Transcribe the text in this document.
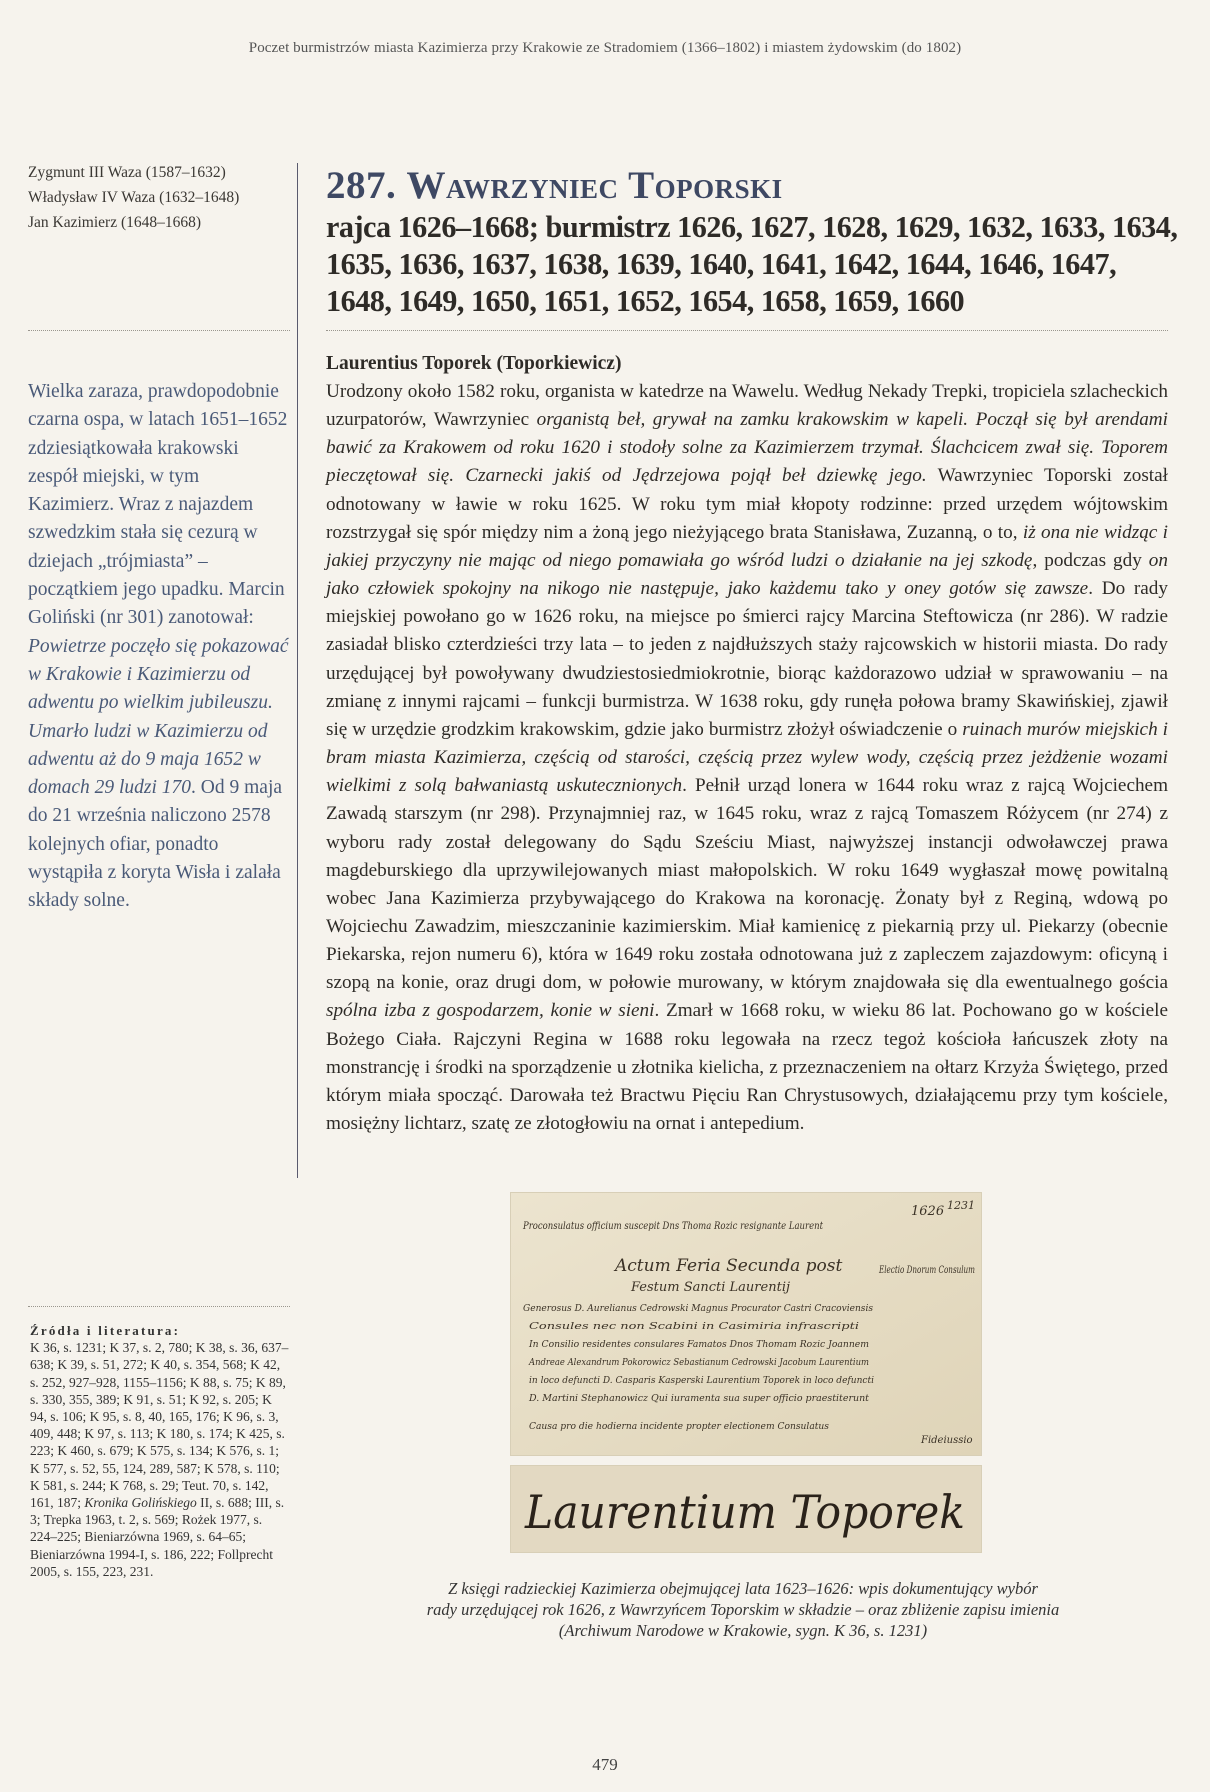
Poczet burmistrzów miasta Kazimierza przy Krakowie ze Stradomiem (1366–1802) i miastem żydowskim (do 1802)
Zygmunt III Waza (1587–1632)
Władysław IV Waza (1632–1648)
Jan Kazimierz (1648–1668)
Wielka zaraza, prawdopodobnie czarna ospa, w latach 1651–1652 zdziesiątkowała krakowski zespół miejski, w tym Kazimierz. Wraz z najazdem szwedzkim stała się cezurą w dziejach „trójmiasta” – początkiem jego upadku. Marcin Goliński (nr 301) zanotował: Powietrze poczęło się pokazować w Krakowie i Kazimierzu od adwentu po wielkim jubileuszu. Umarło ludzi w Kazimierzu od adwentu aż do 9 maja 1652 w domach 29 ludzi 170. Od 9 maja do 21 września naliczono 2578 kolejnych ofiar, ponadto wystąpiła z koryta Wisła i zalała składy solne.
287. Wawrzyniec Toporski
rajca 1626–1668; burmistrz 1626, 1627, 1628, 1629, 1632, 1633, 1634, 1635, 1636, 1637, 1638, 1639, 1640, 1641, 1642, 1644, 1646, 1647, 1648, 1649, 1650, 1651, 1652, 1654, 1658, 1659, 1660
Laurentius Toporek (Toporkiewicz)

Urodzony około 1582 roku, organista w katedrze na Wawelu. Według Nekady Trepki, tropiciela szlacheckich uzurpatorów, Wawrzyniec organistą beł, grywał na zamku krakowskim w kapeli. Począł się był arendami bawić za Krakowem od roku 1620 i stodoły solne za Kazimierzem trzymał. Ślachcicem zwał się. Toporem pieczętował się. Czarnecki jakiś od Jędrzejowa pojął beł dziewkę jego. Wawrzyniec Toporski został odnotowany w ławie w roku 1625. W roku tym miał kłopoty rodzinne: przed urzędem wójtowskim rozstrzygał się spór między nim a żoną jego nieżyjącego brata Stanisława, Zuzanną, o to, iż ona nie widząc i jakiej przyczyny nie mając od niego pomawiała go wśród ludzi o działanie na jej szkodę, podczas gdy on jako człowiek spokojny na nikogo nie następuje, jako każdemu tako y oney gotów się zawsze. Do rady miejskiej powołano go w 1626 roku, na miejsce po śmierci rajcy Marcina Steftowicza (nr 286). W radzie zasiadał blisko czterdzieści trzy lata – to jeden z najdłuższych staży rajcowskich w historii miasta. Do rady urzędującej był powoływany dwudziestosiedmiokrotnie, biorąc każdorazowo udział w sprawowaniu – na zmianę z innymi rajcami – funkcji burmistrza. W 1638 roku, gdy runęła połowa bramy Skawińskiej, zjawił się w urzędzie grodzkim krakowskim, gdzie jako burmistrz złożył oświadczenie o ruinach murów miejskich i bram miasta Kazimierza, częścią od starości, częścią przez wylew wody, częścią przez jeżdżenie wozami wielkimi z solą bałwaniastą uskutecznionych. Pełnił urząd lonera w 1644 roku wraz z rajcą Wojciechem Zawadą starszym (nr 298). Przynajmniej raz, w 1645 roku, wraz z rajcą Tomaszem Różycem (nr 274) z wyboru rady został delegowany do Sądu Sześciu Miast, najwyższej instancji odwoławczej prawa magdeburskiego dla uprzywilejowanych miast małopolskich. W roku 1649 wygłaszał mowę powitalną wobec Jana Kazimierza przybywającego do Krakowa na koronację. Żonaty był z Reginą, wdową po Wojciechu Zawadzim, mieszczaninie kazimierskim. Miał kamienicę z piekarnią przy ul. Piekarzy (obecnie Piekarska, rejon numeru 6), która w 1649 roku została odnotowana już z zapleczem zajazdowym: oficyną i szopą na konie, oraz drugi dom, w połowie murowany, w którym znajdowała się dla ewentualnego gościa spólna izba z gospodarzem, konie w sieni. Zmarł w 1668 roku, w wieku 86 lat. Pochowano go w kościele Bożego Ciała. Rajczyni Regina w 1688 roku legowała na rzecz tegoż kościoła łańcuszek złoty na monstrancję i środki na sporządzenie u złotnika kielicha, z przeznaczeniem na ołtarz Krzyża Świętego, przed którym miała spocząć. Darowała też Bractwu Pięciu Ran Chrystusowych, działającemu przy tym kościele, mosiężny lichtarz, szatę ze złotogłowiu na ornat i antepedium.

Źródła i literatura:
K 36, s. 1231; K 37, s. 2, 780; K 38, s. 36, 637–638; K 39, s. 51, 272; K 40, s. 354, 568; K 42, s. 252, 927–928, 1155–1156; K 88, s. 75; K 89, s. 330, 355, 389; K 91, s. 51; K 92, s. 205; K 94, s. 106; K 95, s. 8, 40, 165, 176; K 96, s. 3, 409, 448; K 97, s. 113; K 180, s. 174; K 425, s. 223; K 460, s. 679; K 575, s. 134; K 576, s. 1; K 577, s. 52, 55, 124, 289, 587; K 578, s. 110; K 581, s. 244; K 768, s. 29; Teut. 70, s. 142, 161, 187; Kronika Golińskiego II, s. 688; III, s. 3; Trepka 1963, t. 2, s. 569; Rożek 1977, s. 224–225; Bieniarzówna 1969, s. 64–65; Bieniarzówna 1994-I, s. 186, 222; Follprecht 2005, s. 155, 223, 231.
1626 1231
Proconsulatus officium suscepit Dns Thoma Rozic resignante Laurent
Actum Feria Secunda post
Festum Sancti Laurentij
Electio Dnorum Consulum
Generosus D. Aurelianus Cedrowski Magnus Procurator Castri Cracoviensis
Consules nec non Scabini in Casimiria infrascripti
In Consilio residentes consulares Famatos Dnos Thomam Rozic Joannem
Andreae Alexandrum Pokorowicz Sebastianum Cedrowski Jacobum Laurentium
in loco defuncti D. Casparis Kasperski Laurentium Toporek in loco defuncti
D. Martini Stephanowicz Qui iuramenta sua super officio praestiterunt
Causa pro die hodierna incidente propter electionem Consulatus
Fideiussio
Laurentium Toporek
Z księgi radzieckiej Kazimierza obejmującej lata 1623–1626: wpis dokumentujący wybór
rady urzędującej rok 1626, z Wawrzyńcem Toporskim w składzie – oraz zbliżenie zapisu imienia
(Archiwum Narodowe w Krakowie, sygn. K 36, s. 1231)
479
